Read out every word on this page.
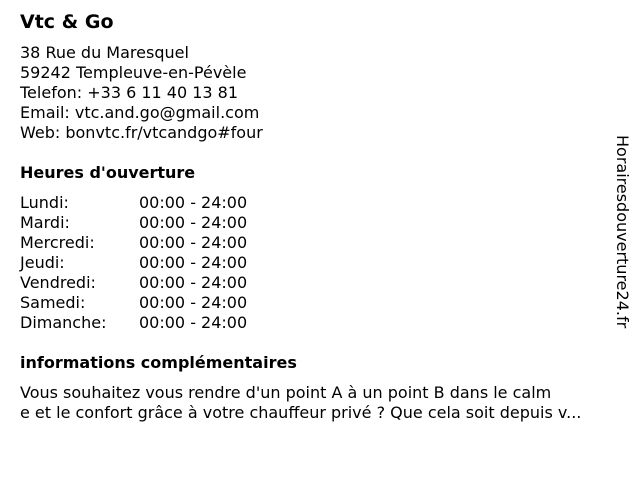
Vtc & Go
38 Rue du Maresquel
59242 Templeuve-en-Pévèle
Telefon: +33 6 11 40 13 81
Email: vtc.and.go@gmail.com
Web: bonvtc.fr/vtcandgo#four
Heures d'ouverture
Lundi:	00:00 - 24:00
Mardi:	00:00 - 24:00
Mercredi:	00:00 - 24:00
Jeudi:	00:00 - 24:00
Vendredi:	00:00 - 24:00
Samedi:	00:00 - 24:00
Dimanche: 00:00 - 24:00
informations complémentaires
Vous souhaitez vous rendre d'un point A à un point B dans le calm
e et le confort grâce à votre chauffeur privé ? Que cela soit depuis v...
Horairesdouverture24.fr
